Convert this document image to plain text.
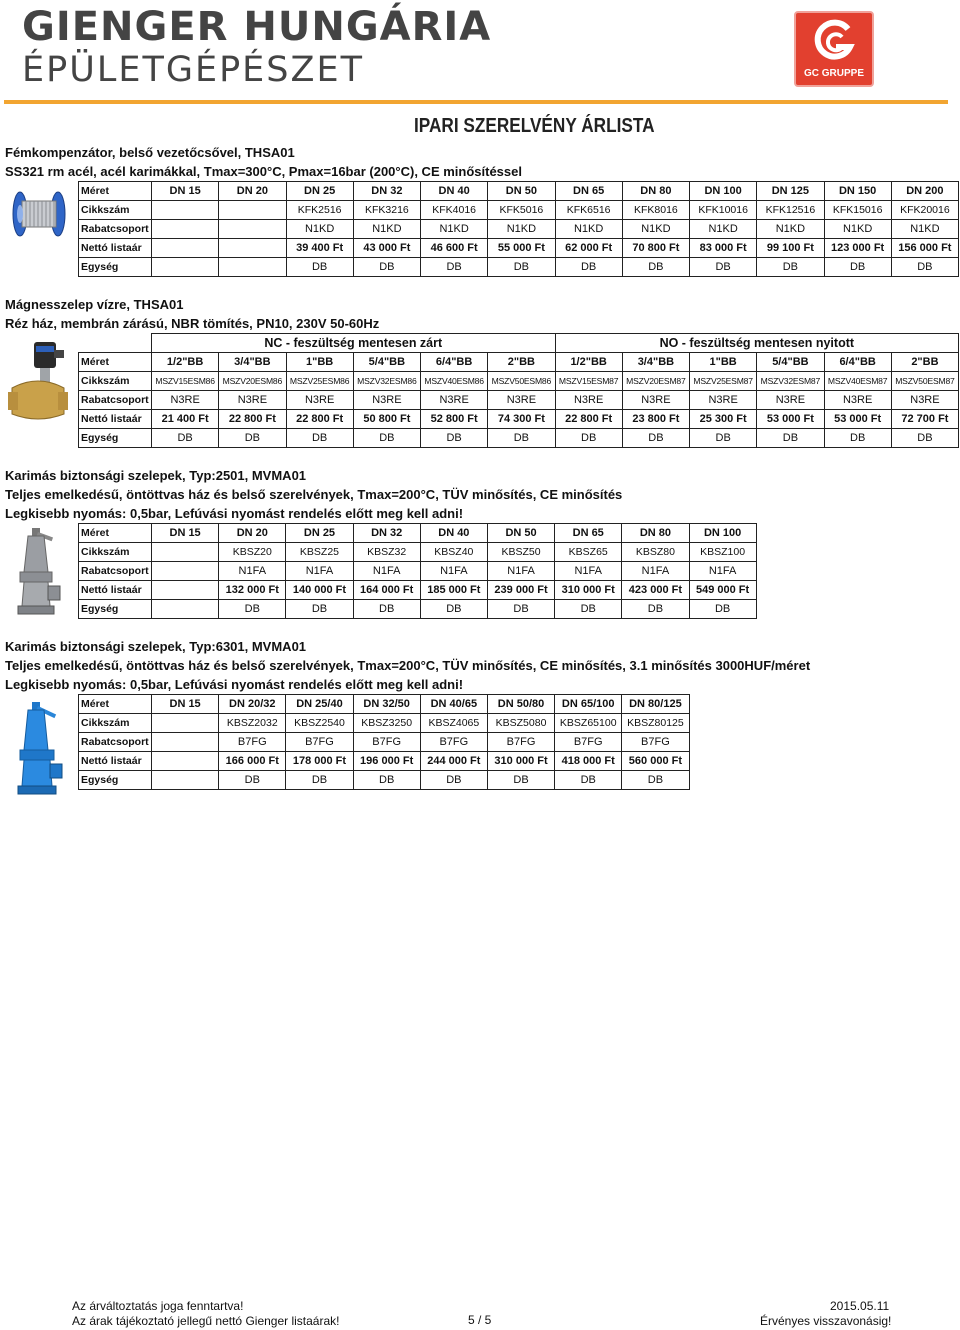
GIENGER HUNGÁRIA
ÉPÜLETGÉPÉSZET	GC GRUPPE
IPARI SZERELVÉNY ÁRLISTA
Fémkompenzátor, belső vezetőcsővel, THSA01
SS321 rm acél, acél karimákkal, Tmax=300°C, Pmax=16bar (200°C), CE minősítéssel
Méret	DN 15	DN 20	DN 25	DN 32	DN 40	DN 50	DN 65	DN 80	DN 100	DN 125	DN 150	DN 200
Cikkszám			KFK2516	KFK3216	KFK4016	KFK5016	KFK6516	KFK8016	KFK10016	KFK12516	KFK15016	KFK20016
Rabatcsoport			N1KD	N1KD	N1KD	N1KD	N1KD	N1KD	N1KD	N1KD	N1KD	N1KD
Nettó listaár			39 400 Ft	43 000 Ft	46 600 Ft	55 000 Ft	62 000 Ft	70 800 Ft	83 000 Ft	99 100 Ft	123 000 Ft	156 000 Ft
Egység			DB	DB	DB	DB	DB	DB	DB	DB	DB	DB
Mágnesszelep vízre, THSA01
Réz ház, membrán zárású, NBR tömítés, PN10, 230V 50-60Hz
	NC - feszültség mentesen zárt						NO - feszültség mentesen nyitott					
Méret	1/2"BB	3/4"BB	1"BB	5/4"BB	6/4"BB	2"BB	1/2"BB	3/4"BB	1"BB	5/4"BB	6/4"BB	2"BB
Cikkszám	MSZV15ESM86	MSZV20ESM86	MSZV25ESM86	MSZV32ESM86	MSZV40ESM86	MSZV50ESM86	MSZV15ESM87	MSZV20ESM87	MSZV25ESM87	MSZV32ESM87	MSZV40ESM87	MSZV50ESM87
Rabatcsoport	N3RE	N3RE	N3RE	N3RE	N3RE	N3RE	N3RE	N3RE	N3RE	N3RE	N3RE	N3RE
Nettó listaár	21 400 Ft	22 800 Ft	22 800 Ft	50 800 Ft	52 800 Ft	74 300 Ft	22 800 Ft	23 800 Ft	25 300 Ft	53 000 Ft	53 000 Ft	72 700 Ft
Egység	DB	DB	DB	DB	DB	DB	DB	DB	DB	DB	DB	DB
Karimás biztonsági szelepek, Typ:2501, MVMA01
Teljes emelkedésű, öntöttvas ház és belső szerelvények, Tmax=200°C, TÜV minősítés, CE minősítés
Legkisebb nyomás: 0,5bar, Lefúvási nyomást rendelés előtt meg kell adni!
Méret	DN 15	DN 20	DN 25	DN 32	DN 40	DN 50	DN 65	DN 80	DN 100
Cikkszám		KBSZ20	KBSZ25	KBSZ32	KBSZ40	KBSZ50	KBSZ65	KBSZ80	KBSZ100
Rabatcsoport		N1FA	N1FA	N1FA	N1FA	N1FA	N1FA	N1FA	N1FA
Nettó listaár		132 000 Ft	140 000 Ft	164 000 Ft	185 000 Ft	239 000 Ft	310 000 Ft	423 000 Ft	549 000 Ft
Egység		DB	DB	DB	DB	DB	DB	DB	DB
Karimás biztonsági szelepek, Typ:6301, MVMA01
Teljes emelkedésű, öntöttvas ház és belső szerelvények, Tmax=200°C, TÜV minősítés, CE minősítés, 3.1 minősítés 3000HUF/méret
Legkisebb nyomás: 0,5bar, Lefúvási nyomást rendelés előtt meg kell adni!
Méret	DN 15	DN 20/32	DN 25/40	DN 32/50	DN 40/65	DN 50/80	DN 65/100	DN 80/125
Cikkszám		KBSZ2032	KBSZ2540	KBSZ3250	KBSZ4065	KBSZ5080	KBSZ65100	KBSZ80125
Rabatcsoport		B7FG	B7FG	B7FG	B7FG	B7FG	B7FG	B7FG
Nettó listaár		166 000 Ft	178 000 Ft	196 000 Ft	244 000 Ft	310 000 Ft	418 000 Ft	560 000 Ft
Egység		DB	DB	DB	DB	DB	DB	DB
Az árváltoztatás joga fenntartva!
Az árak tájékoztató jellegű nettó Gienger listaárak!	5 / 5
2015.05.11
Érvényes visszavonásig!
